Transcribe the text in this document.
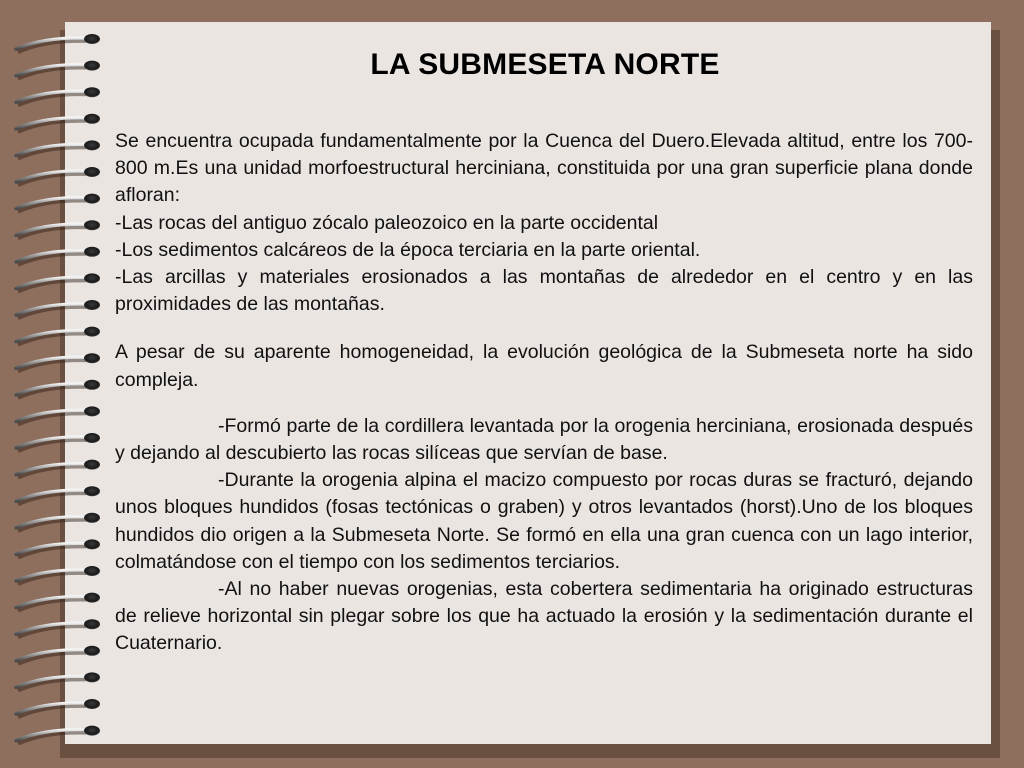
LA SUBMESETA NORTE

Se encuentra ocupada fundamentalmente por la Cuenca del Duero.Elevada altitud, entre los 700-800 m.Es una unidad morfoestructural herciniana, constituida por una gran superficie plana donde afloran:

-Las rocas del antiguo zócalo paleozoico en la parte occidental

-Los sedimentos calcáreos de la época terciaria en la parte oriental.

-Las arcillas y materiales erosionados a las montañas de alrededor en el centro y en las proximidades de las montañas.

A pesar de su aparente homogeneidad, la evolución geológica de la Submeseta norte ha sido compleja.

-Formó parte de la cordillera levantada por la orogenia herciniana, erosionada después y dejando al descubierto las rocas silíceas que servían de base.

-Durante la orogenia alpina el macizo compuesto por rocas duras se fracturó, dejando unos bloques hundidos (fosas tectónicas o graben) y otros levantados (horst).Uno de los bloques hundidos dio origen a la Submeseta Norte. Se formó en ella una gran cuenca con un lago interior, colmatándose con el tiempo con los sedimentos terciarios.

-Al no haber nuevas orogenias, esta cobertera sedimentaria ha originado estructuras de relieve horizontal sin plegar sobre los que ha actuado la erosión y la sedimentación durante el Cuaternario.
